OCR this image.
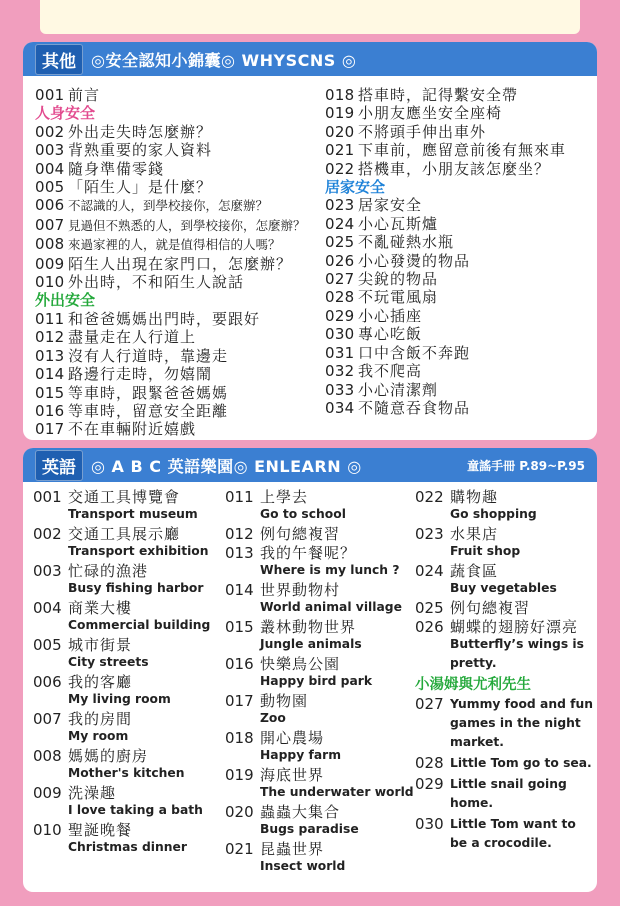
其他 ◎安全認知小錦囊◎ WHYSCNS ◎
001 前言
人身安全
002 外出走失時怎麼辦？
003 背熟重要的家人資料
004 隨身準備零錢
005 「陌生人」是什麼？
006 不認識的人，到學校接你，怎麼辦？
007 見過但不熟悉的人，到學校接你，怎麼辦？
008 來過家裡的人，就是值得相信的人嗎？
009 陌生人出現在家門口，怎麼辦？
010 外出時，不和陌生人說話
外出安全
011 和爸爸媽媽出門時，要跟好
012 盡量走在人行道上
013 沒有人行道時，靠邊走
014 路邊行走時，勿嬉鬧
015 等車時，跟緊爸爸媽媽
016 等車時，留意安全距離
017 不在車輛附近嬉戲
018 搭車時，記得繫安全帶
019 小朋友應坐安全座椅
020 不將頭手伸出車外
021 下車前，應留意前後有無來車
022 搭機車，小朋友該怎麼坐？
居家安全
023 居家安全
024 小心瓦斯爐
025 不亂碰熱水瓶
026 小心發燙的物品
027 尖銳的物品
028 不玩電風扇
029 小心插座
030 專心吃飯
031 口中含飯不奔跑
032 我不爬高
033 小心清潔劑
034 不隨意吞食物品
英語 ◎ A B C 英語樂園◎ ENLEARN ◎	童謠手冊 P.89~P.95
001 交通工具博覽會
Transport museum
002 交通工具展示廳
Transport exhibition
003 忙碌的漁港
Busy fishing harbor
004 商業大樓
Commercial building
005 城市街景
City streets
006 我的客廳
My living room
007 我的房間
My room
008 媽媽的廚房
Mother's kitchen
009 洗澡趣
I love taking a bath
010 聖誕晚餐
Christmas dinner
011 上學去
Go to school
012 例句總複習
013 我的午餐呢？
Where is my lunch ?
014 世界動物村
World animal village
015 叢林動物世界
Jungle animals
016 快樂鳥公園
Happy bird park
017 動物園
Zoo
018 開心農場
Happy farm
019 海底世界
The underwater world
020 蟲蟲大集合
Bugs paradise
021 昆蟲世界
Insect world
022 購物趣
Go shopping
023 水果店
Fruit shop
024 蔬食區
Buy vegetables
025 例句總複習
026 蝴蝶的翅膀好漂亮
Butterfly’s wings is pretty.
小湯姆與尤利先生
027 Yummy food and fun games in the night market.
028 Little Tom go to sea.
029 Little snail going home.
030 Little Tom want to be a crocodile.
